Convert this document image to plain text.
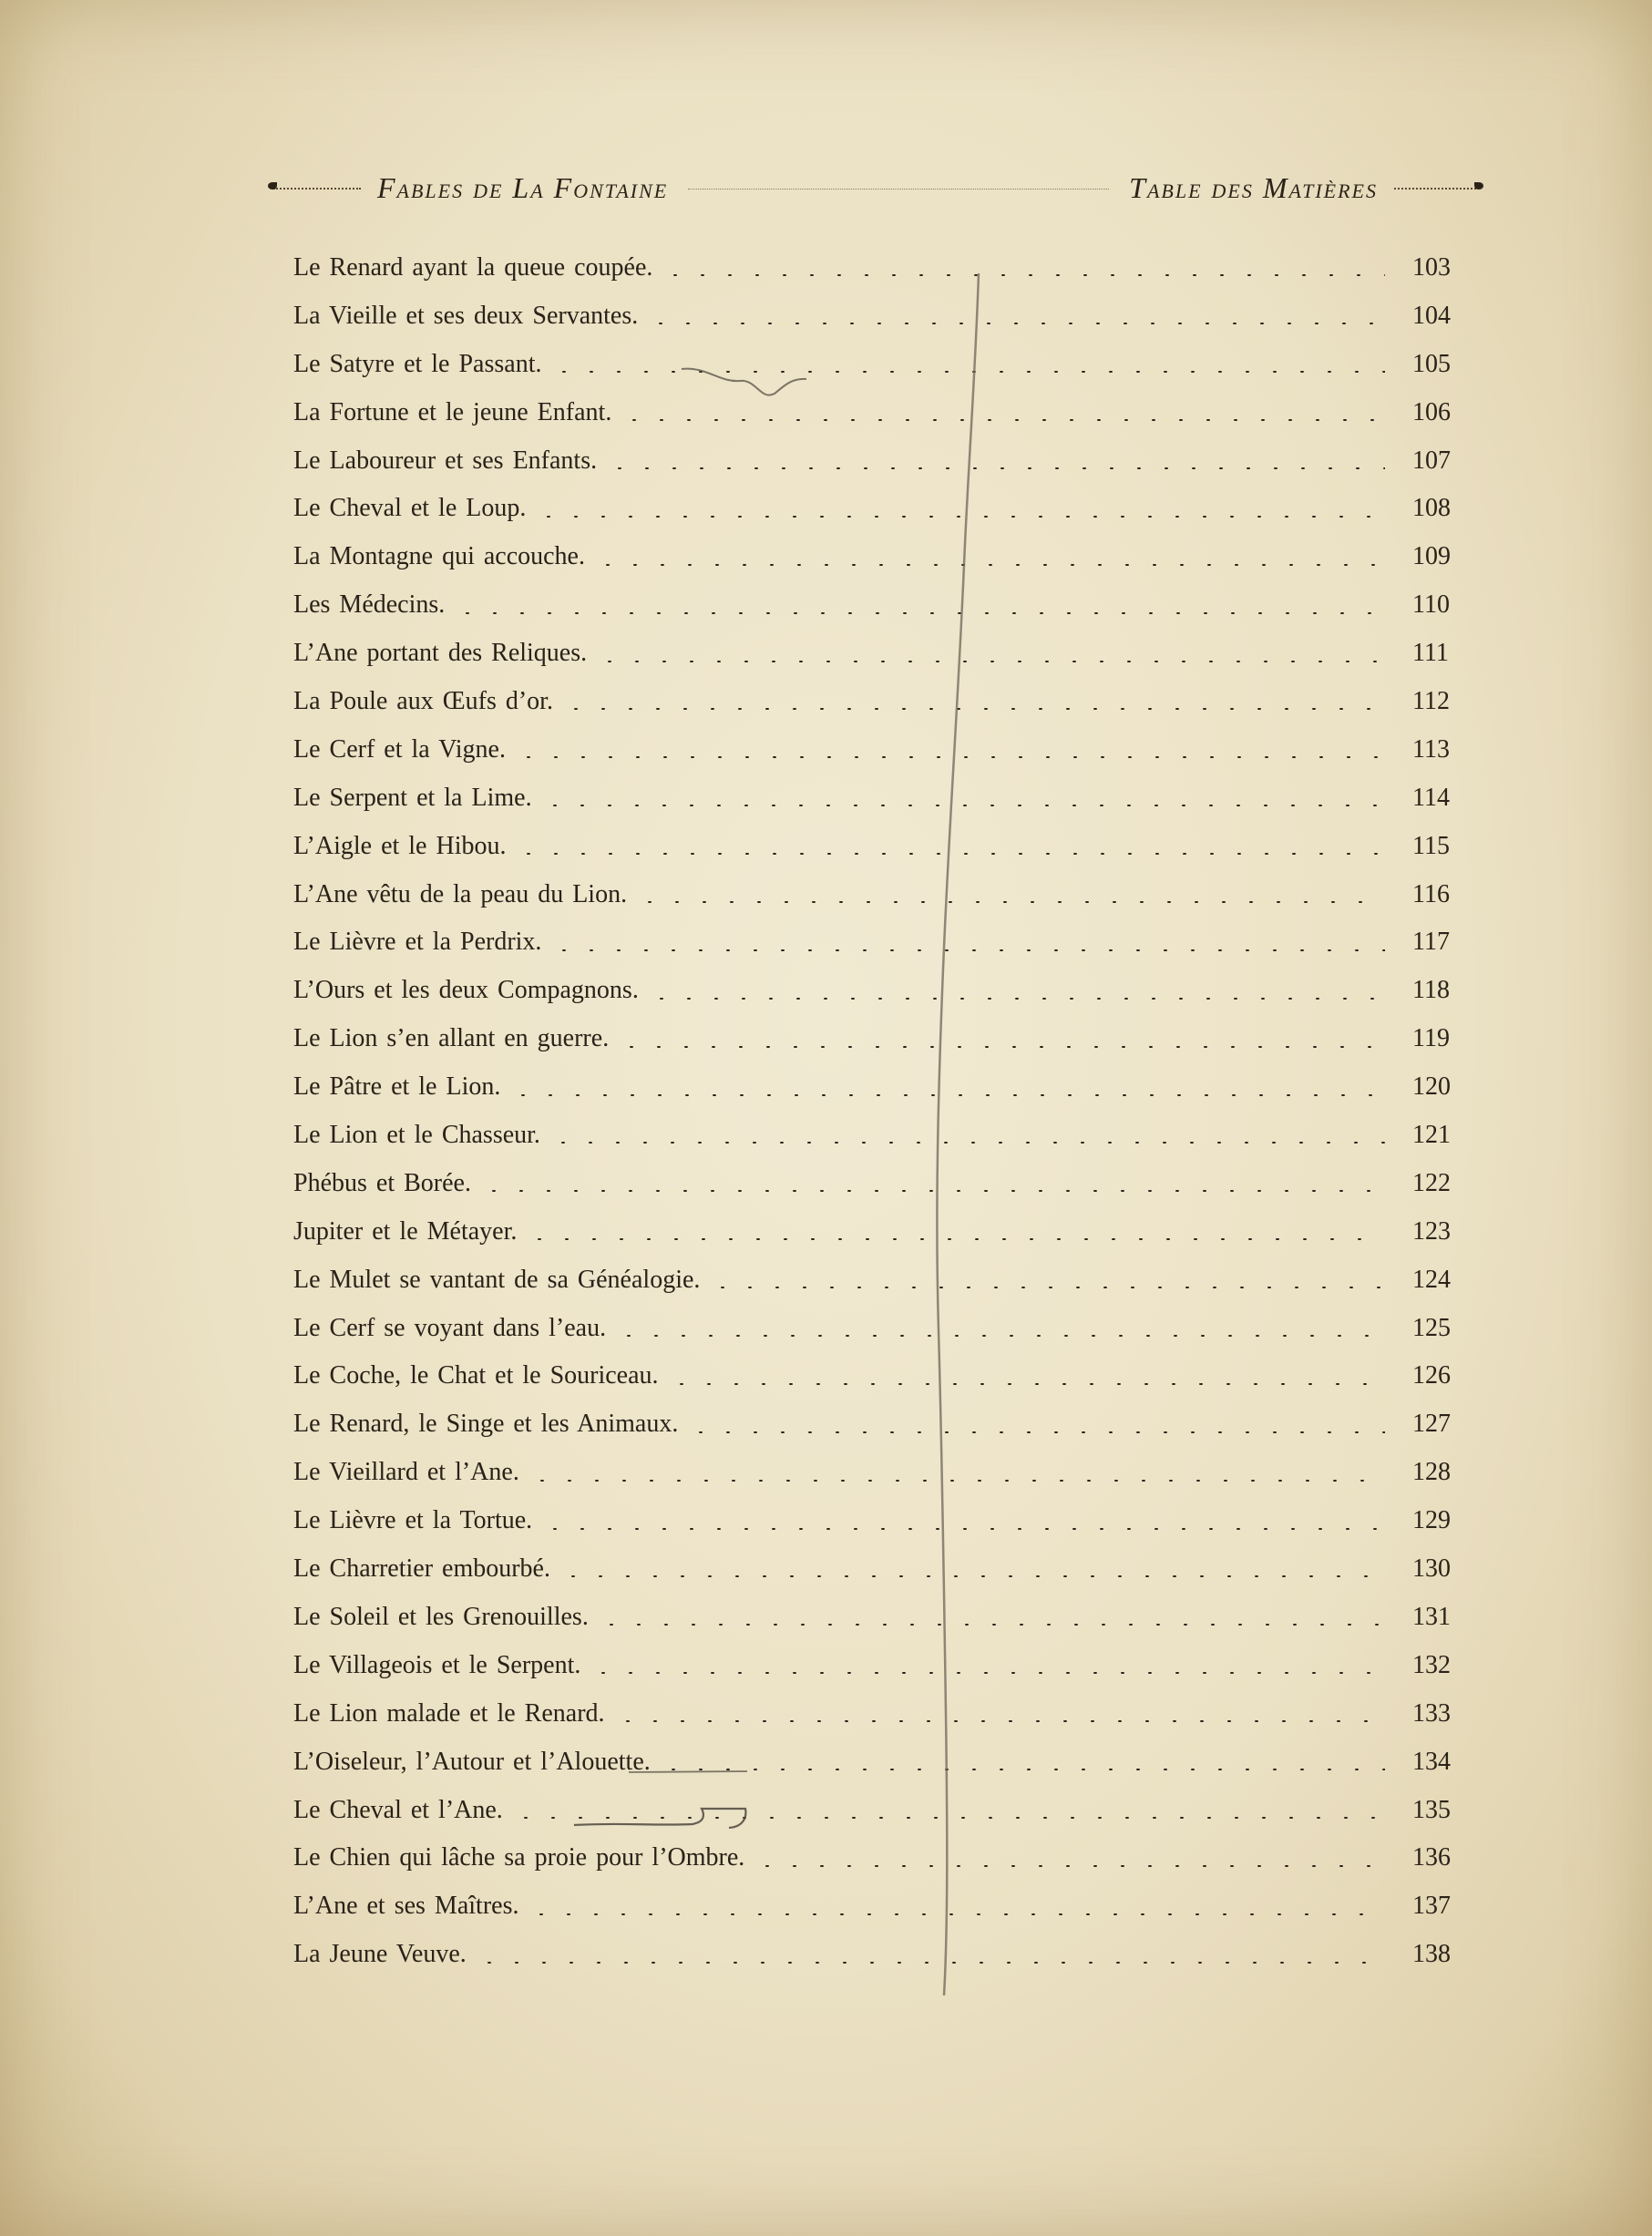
Fables de La Fontaine	Table des Matières
Le Renard ayant la queue coupée.	103
La Vieille et ses deux Servantes.	104
Le Satyre et le Passant.	105
La Fortune et le jeune Enfant.	106
Le Laboureur et ses Enfants.	107
Le Cheval et le Loup.	108
La Montagne qui accouche.	109
Les Médecins.	110
L’Ane portant des Reliques.	111
La Poule aux Œufs d’or.	112
Le Cerf et la Vigne.	113
Le Serpent et la Lime.	114
L’Aigle et le Hibou.	115
L’Ane vêtu de la peau du Lion.	116
Le Lièvre et la Perdrix.	117
L’Ours et les deux Compagnons.	118
Le Lion s’en allant en guerre.	119
Le Pâtre et le Lion.	120
Le Lion et le Chasseur.	121
Phébus et Borée.	122
Jupiter et le Métayer.	123
Le Mulet se vantant de sa Généalogie.	124
Le Cerf se voyant dans l’eau.	125
Le Coche, le Chat et le Souriceau.	126
Le Renard, le Singe et les Animaux.	127
Le Vieillard et l’Ane.	128
Le Lièvre et la Tortue.	129
Le Charretier embourbé.	130
Le Soleil et les Grenouilles.	131
Le Villageois et le Serpent.	132
Le Lion malade et le Renard.	133
L’Oiseleur, l’Autour et l’Alouette.	134
Le Cheval et l’Ane.	135
Le Chien qui lâche sa proie pour l’Ombre.	136
L’Ane et ses Maîtres.	137
La Jeune Veuve.	138
